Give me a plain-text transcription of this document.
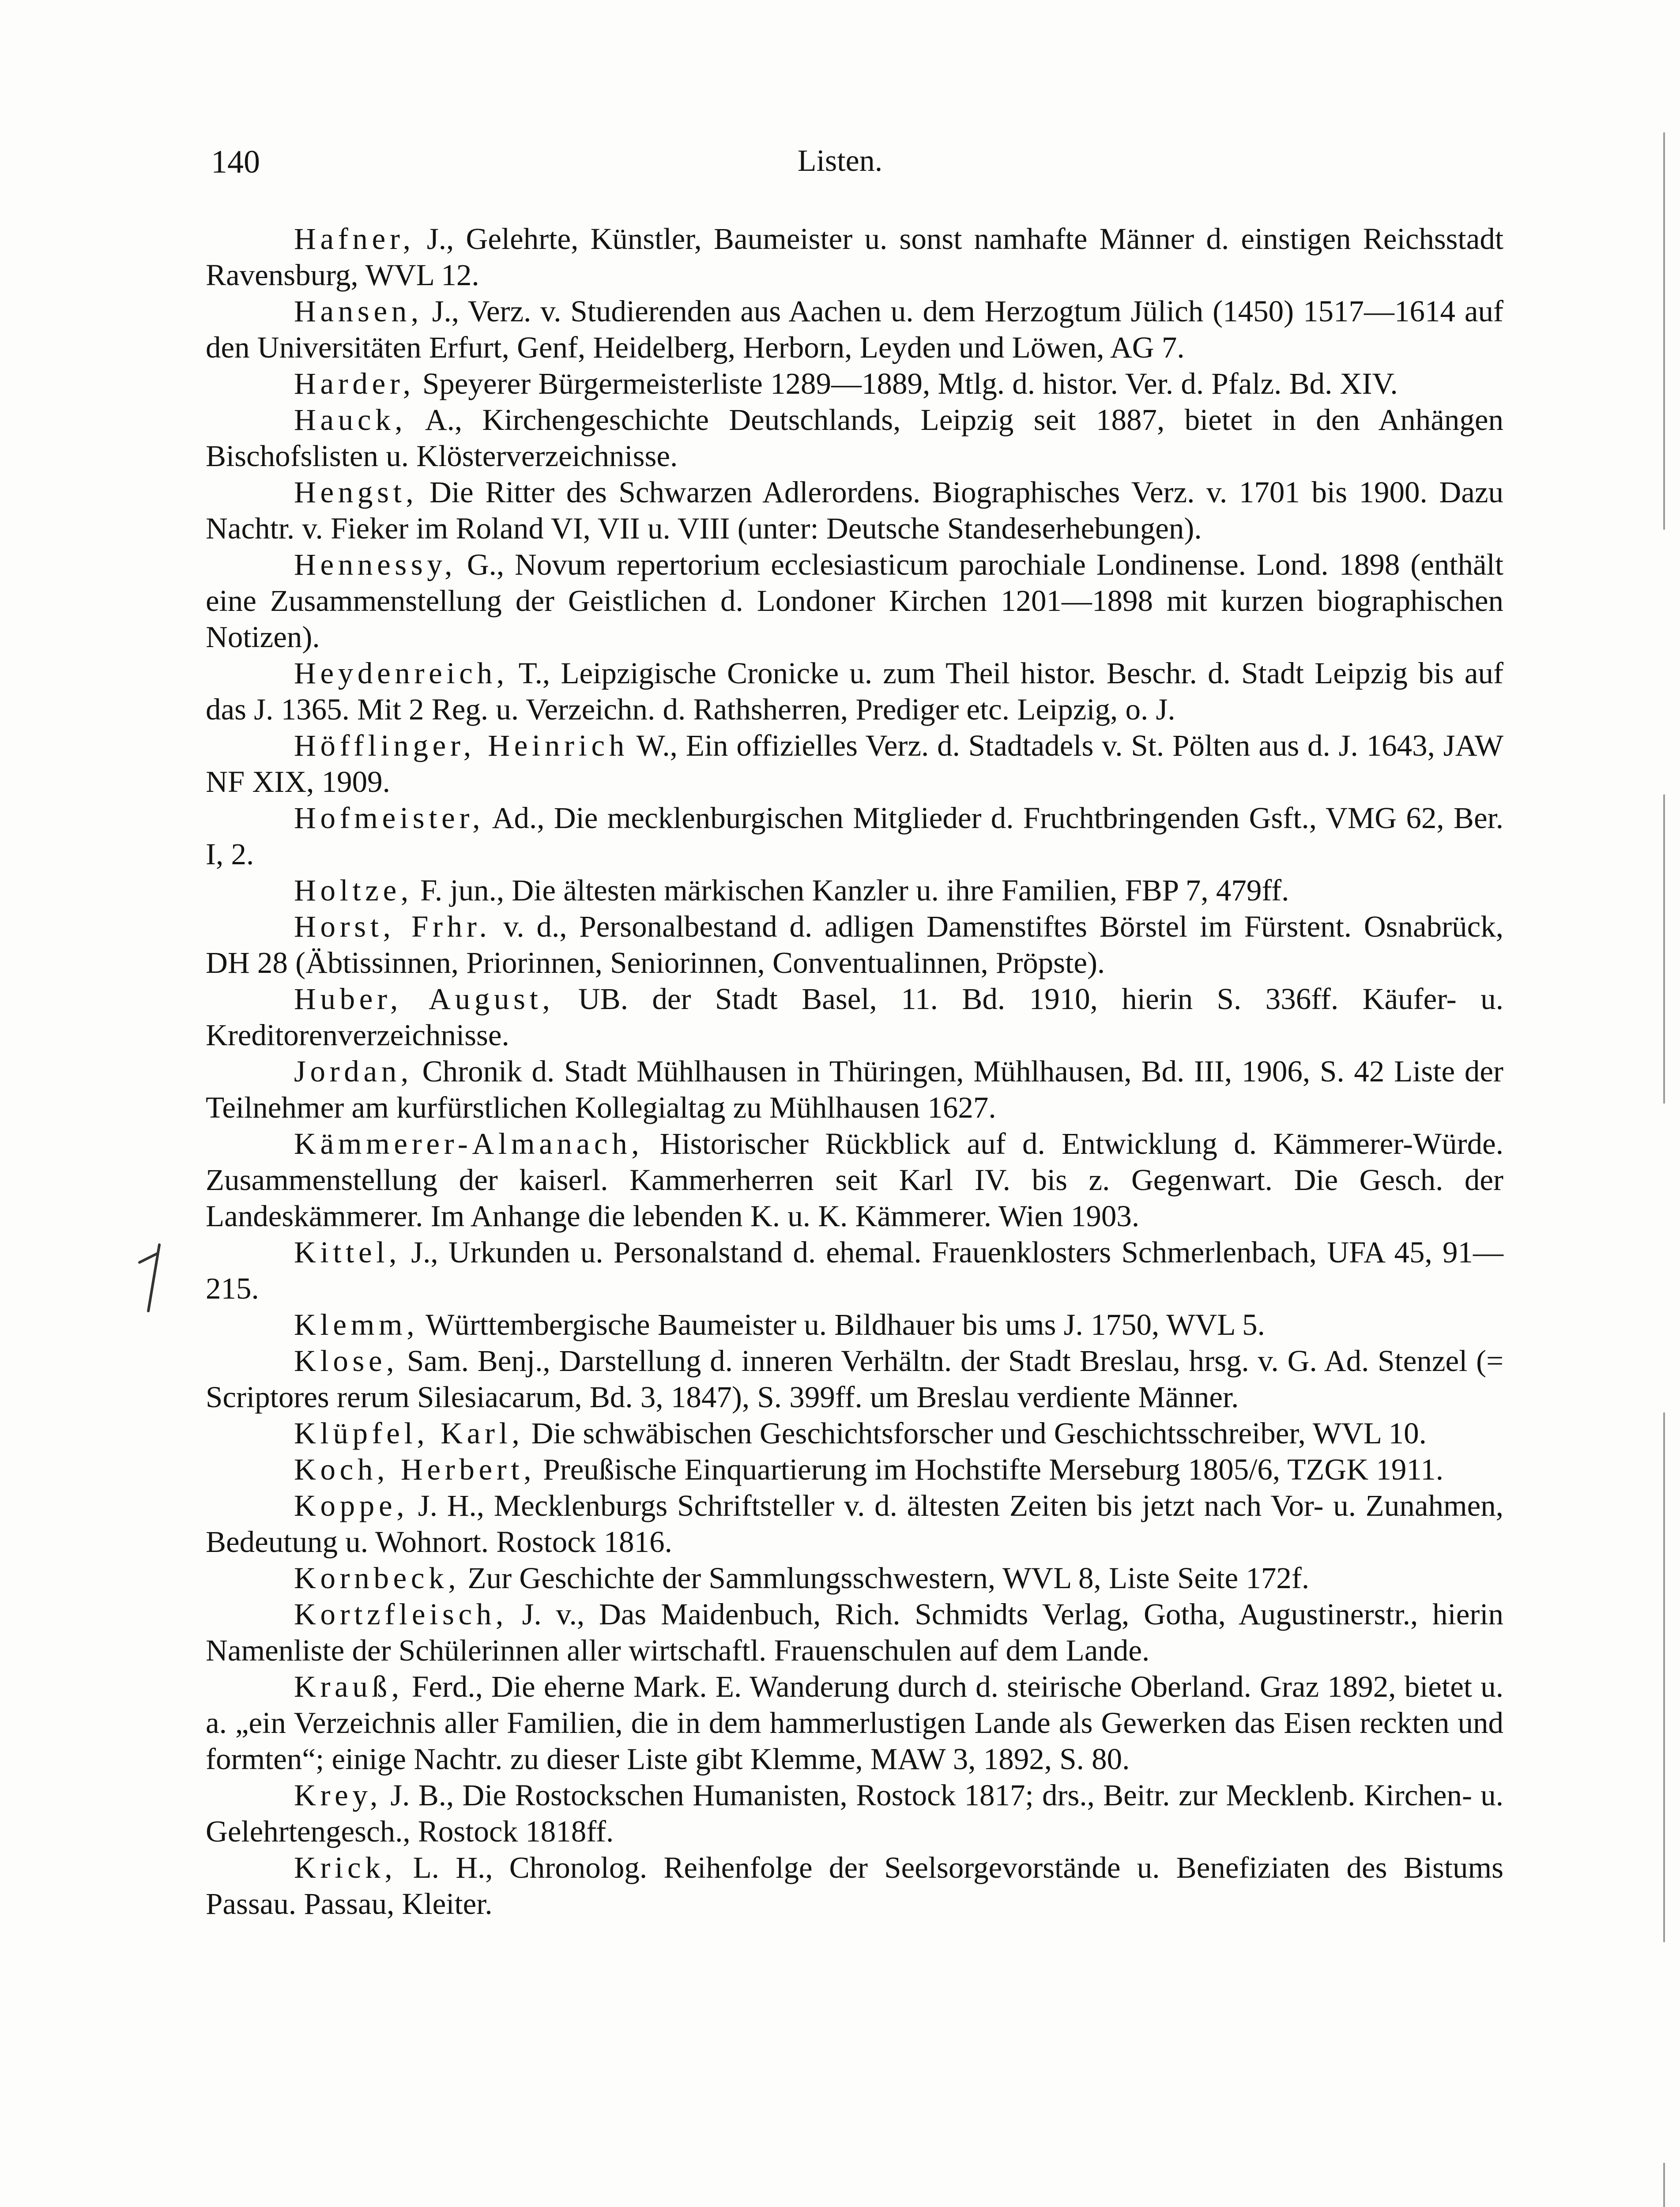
140	Listen.

Hafner, J., Gelehrte, Künstler, Baumeister u. sonst namhafte Männer d. einstigen Reichsstadt Ravensburg, WVL 12.

Hansen, J., Verz. v. Studierenden aus Aachen u. dem Herzogtum Jülich (1450) 1517—1614 auf den Universitäten Erfurt, Genf, Heidelberg, Herborn, Leyden und Löwen, AG 7.

Harder, Speyerer Bürgermeisterliste 1289—1889, Mtlg. d. histor. Ver. d. Pfalz. Bd. XIV.

Hauck, A., Kirchengeschichte Deutschlands, Leipzig seit 1887, bietet in den Anhängen Bischofslisten u. Klösterverzeichnisse.

Hengst, Die Ritter des Schwarzen Adlerordens. Biographisches Verz. v. 1701 bis 1900. Dazu Nachtr. v. Fieker im Roland VI, VII u. VIII (unter: Deutsche Standeserhebungen).

Hennessy, G., Novum repertorium ecclesiasticum parochiale Londinense. Lond. 1898 (enthält eine Zusammenstellung der Geistlichen d. Londoner Kirchen 1201—1898 mit kurzen biographischen Notizen).

Heydenreich, T., Leipzigische Cronicke u. zum Theil histor. Beschr. d. Stadt Leipzig bis auf das J. 1365. Mit 2 Reg. u. Verzeichn. d. Rathsherren, Prediger etc. Leipzig, o. J.

Höfflinger, Heinrich W., Ein offizielles Verz. d. Stadtadels v. St. Pölten aus d. J. 1643, JAW NF XIX, 1909.

Hofmeister, Ad., Die mecklenburgischen Mitglieder d. Fruchtbringenden Gsft., VMG 62, Ber. I, 2.

Holtze, F. jun., Die ältesten märkischen Kanzler u. ihre Familien, FBP 7, 479ff.

Horst, Frhr. v. d., Personalbestand d. adligen Damenstiftes Börstel im Fürstent. Osnabrück, DH 28 (Äbtissinnen, Priorinnen, Seniorinnen, Conventualinnen, Pröpste).

Huber, August, UB. der Stadt Basel, 11. Bd. 1910, hierin S. 336ff. Käufer- u. Kreditorenverzeichnisse.

Jordan, Chronik d. Stadt Mühlhausen in Thüringen, Mühlhausen, Bd. III, 1906, S. 42 Liste der Teilnehmer am kurfürstlichen Kollegialtag zu Mühlhausen 1627.

Kämmerer-Almanach, Historischer Rückblick auf d. Entwicklung d. Kämmerer-Würde. Zusammenstellung der kaiserl. Kammerherren seit Karl IV. bis z. Gegenwart. Die Gesch. der Landeskämmerer. Im Anhange die lebenden K. u. K. Kämmerer. Wien 1903.

Kittel, J., Urkunden u. Personalstand d. ehemal. Frauenklosters Schmerlenbach, UFA 45, 91—215.

Klemm, Württembergische Baumeister u. Bildhauer bis ums J. 1750, WVL 5.

Klose, Sam. Benj., Darstellung d. inneren Verhältn. der Stadt Breslau, hrsg. v. G. Ad. Stenzel (= Scriptores rerum Silesiacarum, Bd. 3, 1847), S. 399ff. um Breslau verdiente Männer.

Klüpfel, Karl, Die schwäbischen Geschichtsforscher und Geschichtsschreiber, WVL 10.

Koch, Herbert, Preußische Einquartierung im Hochstifte Merseburg 1805/6, TZGK 1911.

Koppe, J. H., Mecklenburgs Schriftsteller v. d. ältesten Zeiten bis jetzt nach Vor- u. Zunahmen, Bedeutung u. Wohnort. Rostock 1816.

Kornbeck, Zur Geschichte der Sammlungsschwestern, WVL 8, Liste Seite 172f.

Kortzfleisch, J. v., Das Maidenbuch, Rich. Schmidts Verlag, Gotha, Augustinerstr., hierin Namenliste der Schülerinnen aller wirtschaftl. Frauenschulen auf dem Lande.

Krauß, Ferd., Die eherne Mark. E. Wanderung durch d. steirische Oberland. Graz 1892, bietet u. a. „ein Verzeichnis aller Familien, die in dem hammerlustigen Lande als Gewerken das Eisen reckten und formten“; einige Nachtr. zu dieser Liste gibt Klemme, MAW 3, 1892, S. 80.

Krey, J. B., Die Rostockschen Humanisten, Rostock 1817; drs., Beitr. zur Mecklenb. Kirchen- u. Gelehrtengesch., Rostock 1818ff.

Krick, L. H., Chronolog. Reihenfolge der Seelsorgevorstände u. Benefiziaten des Bistums Passau. Passau, Kleiter.
